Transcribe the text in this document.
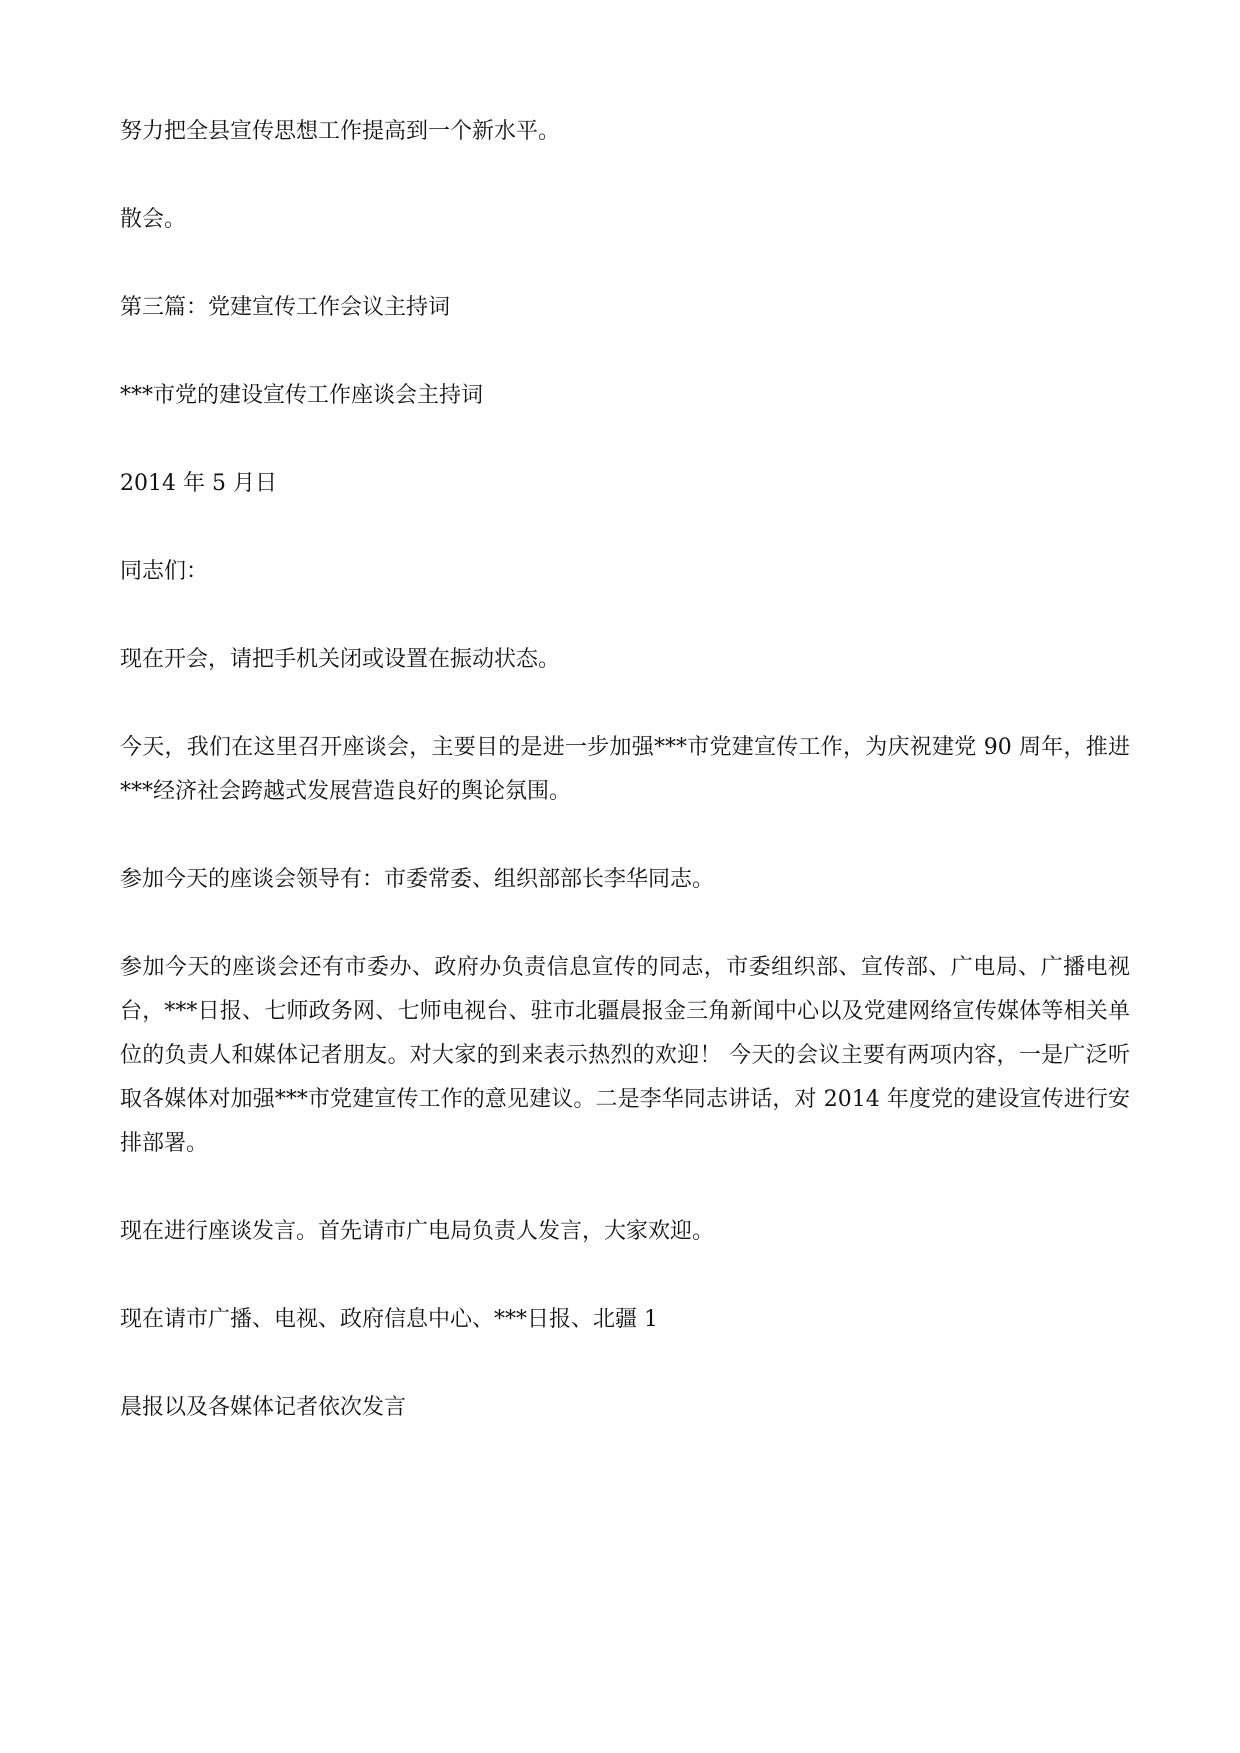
努力把全县宣传思想工作提高到一个新水平。

散会。

第三篇：党建宣传工作会议主持词

***市党的建设宣传工作座谈会主持词

2014 年 5 月日

同志们：

现在开会，请把手机关闭或设置在振动状态。

今天，我们在这里召开座谈会，主要目的是进一步加强***市党建宣传工作，为庆祝建党 90 周年，推进***经济社会跨越式发展营造良好的舆论氛围。

参加今天的座谈会领导有：市委常委、组织部部长李华同志。

参加今天的座谈会还有市委办、政府办负责信息宣传的同志，市委组织部、宣传部、广电局、广播电视台，***日报、七师政务网、七师电视台、驻市北疆晨报金三角新闻中心以及党建网络宣传媒体等相关单位的负责人和媒体记者朋友。对大家的到来表示热烈的欢迎！ 今天的会议主要有两项内容，一是广泛听取各媒体对加强***市党建宣传工作的意见建议。二是李华同志讲话，对 2014 年度党的建设宣传进行安排部署。

现在进行座谈发言。首先请市广电局负责人发言，大家欢迎。

现在请市广播、电视、政府信息中心、***日报、北疆 1

晨报以及各媒体记者依次发言
